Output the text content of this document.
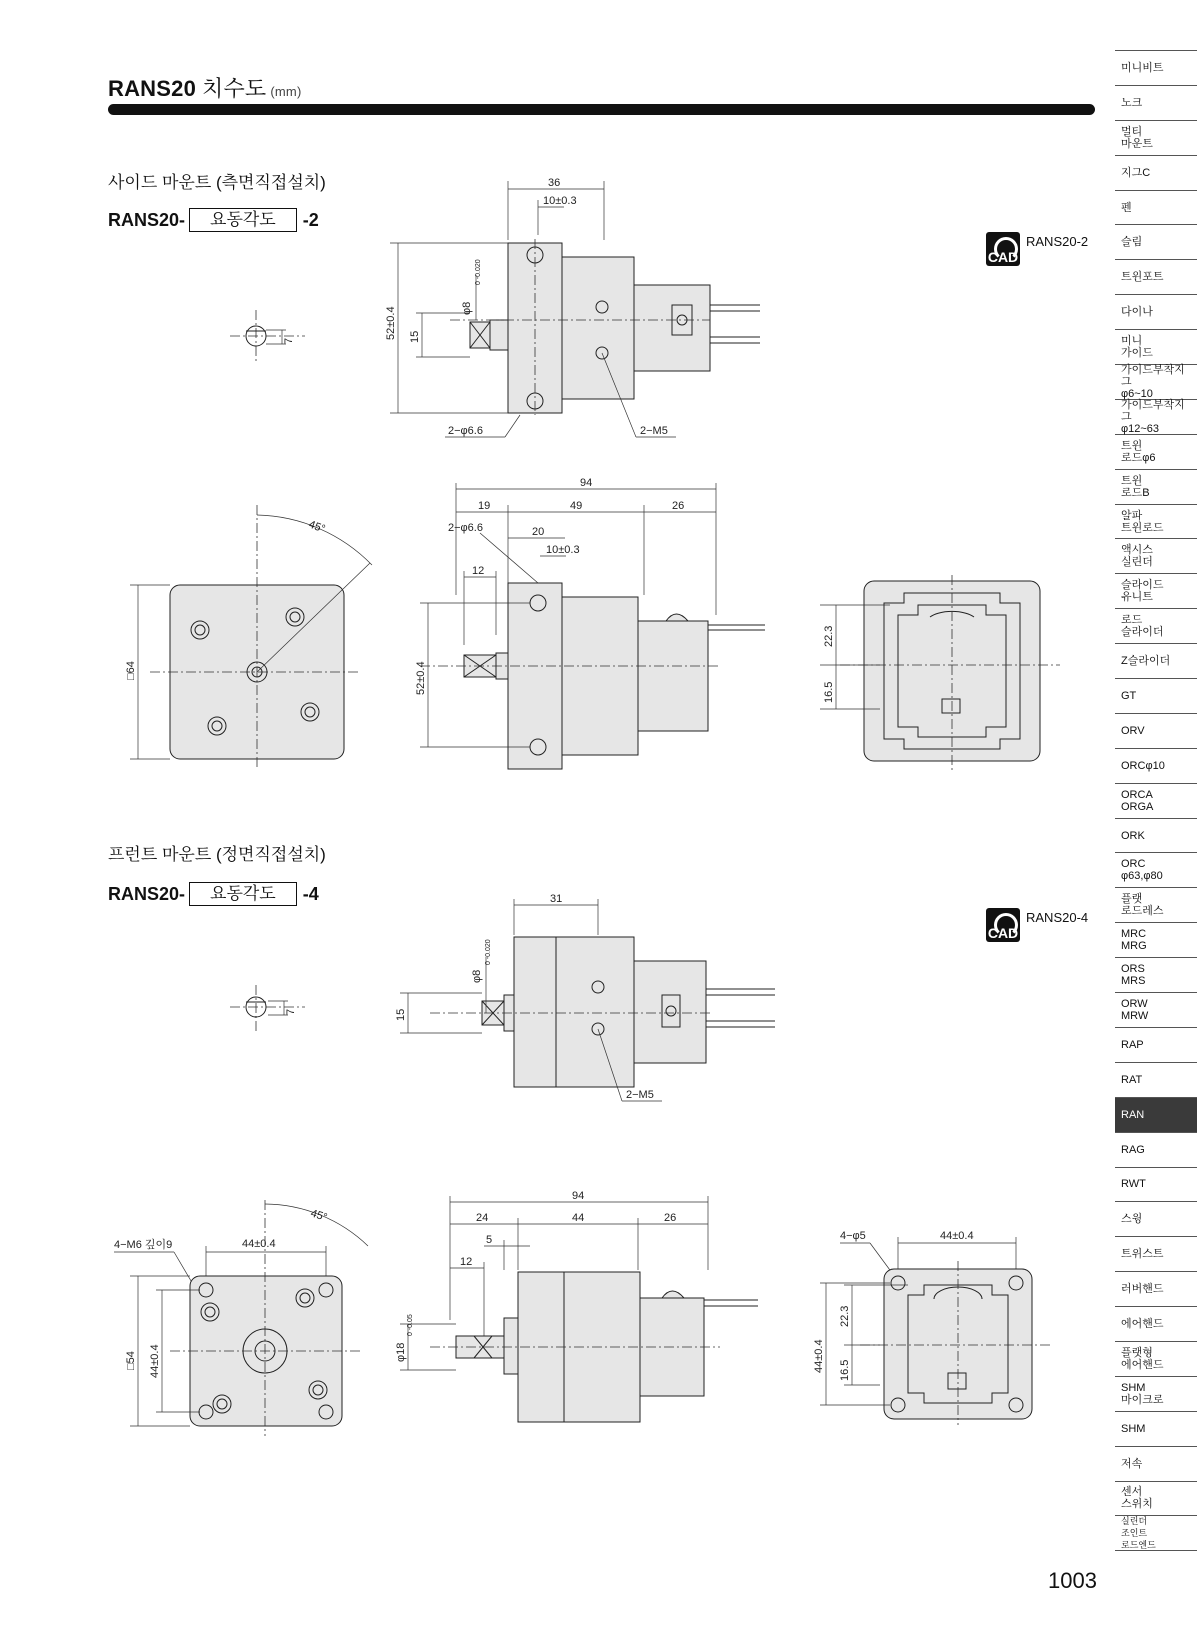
RANS20 치수도 (mm)
사이드 마운트 (측면직접설치)
RANS20-	요동각도	-2
CAD
RANS20-2
프런트 마운트 (정면직접설치)
RANS20-	요동각도	-4
CAD
RANS20-4
7
36
10±0.3
52±0.4 15
φ8
0 -0.020
2−φ6.6	2−M5
45°
□64
94
19	49	26
2−φ6.6	20
10±0.3
12
52±0.4
22.3
16.5
7
31
15
φ8
0 -0.020
2−M5
4−M6 깊이9	44±0.4
45°
□54 44±0.4
94
24	44	26
5
12
φ18
0 -0.05
4−φ5	44±0.4
44±0.4
22.3
16.5
1003
미니비트
노크
멀티
마운트
지그C
펜
슬림
트윈포트
다이나
미니
가이드
가이드부착지그
φ6~10
가이드부착지그
φ12~63
트윈
로드φ6
트윈
로드B
알파
트윈로드
액시스
실린더
슬라이드
유니트
로드
슬라이더
Z슬라이더
GT
ORV
ORCφ10
ORCA
ORGA
ORK
ORC
φ63,φ80
플랫
로드레스
MRC
MRG
ORS
MRS
ORW
MRW
RAP
RAT
RAN
RAG
RWT
스윙
트위스트
러버핸드
에어핸드
플랫형
에어핸드
SHM
마이크로
SHM
저속
센서
스위치
실린더
조인트
로드엔드
